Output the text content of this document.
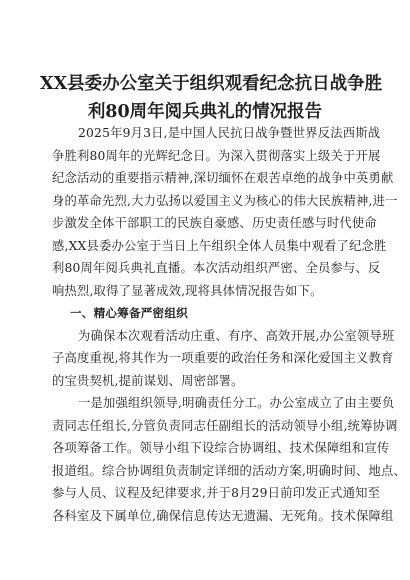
XX县委办公室关于组织观看纪念抗日战争胜
利80周年阅兵典礼的情况报告
2025年9月3日,是中国人民抗日战争暨世界反法西斯战
争胜利80周年的光辉纪念日。为深入贯彻落实上级关于开展
纪念活动的重要指示精神,深切缅怀在艰苦卓绝的战争中英勇献
身的革命先烈,大力弘扬以爱国主义为核心的伟大民族精神,进一
步激发全体干部职工的民族自豪感、历史责任感与时代使命
感,XX县委办公室于当日上午组织全体人员集中观看了纪念胜
利80周年阅兵典礼直播。本次活动组织严密、全员参与、反
响热烈,取得了显著成效,现将具体情况报告如下。
一、精心筹备严密组织
为确保本次观看活动庄重、有序、高效开展,办公室领导班
子高度重视,将其作为一项重要的政治任务和深化爱国主义教育
的宝贵契机,提前谋划、周密部署。
一是加强组织领导,明确责任分工。办公室成立了由主要负
责同志任组长,分管负责同志任副组长的活动领导小组,统筹协调
各项筹备工作。领导小组下设综合协调组、技术保障组和宣传
报道组。综合协调组负责制定详细的活动方案,明确时间、地点、
参与人员、议程及纪律要求,并于8月29日前印发正式通知至
各科室及下属单位,确保信息传达无遗漏、无死角。技术保障组
